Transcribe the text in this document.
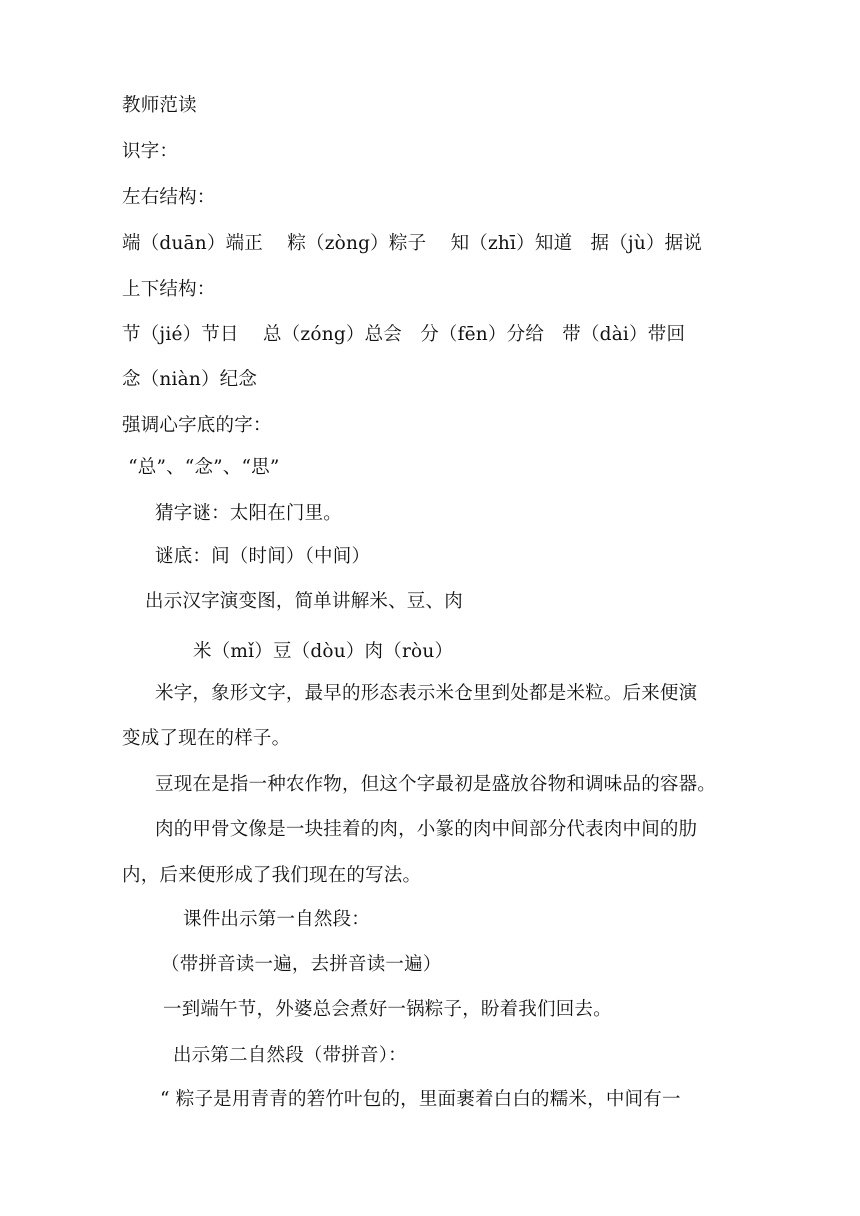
教师范读
识字：
左右结构：
端（duān）端正    粽（zòng）粽子    知（zhī）知道   据（jù）据说
上下结构：
节（jié）节日    总（zóng）总会   分（fēn）分给   带（dài）带回
念（niàn）纪念
强调心字底的字：
“总”、“念”、“思”
猜字谜：太阳在门里。
谜底：间（时间）（中间）
出示汉字演变图，简单讲解米、豆、肉
米（mǐ）豆（dòu）肉（ròu）
米字，象形文字，最早的形态表示米仓里到处都是米粒。后来便演
变成了现在的样子。
豆现在是指一种农作物，但这个字最初是盛放谷物和调味品的容器。
肉的甲骨文像是一块挂着的肉，小篆的肉中间部分代表肉中间的肋
内，后来便形成了我们现在的写法。
课件出示第一自然段：
（带拼音读一遍，去拼音读一遍）
一到端午节，外婆总会煮好一锅粽子，盼着我们回去。
出示第二自然段（带拼音）：
“ 粽子是用青青的箬竹叶包的，里面裹着白白的糯米，中间有一
